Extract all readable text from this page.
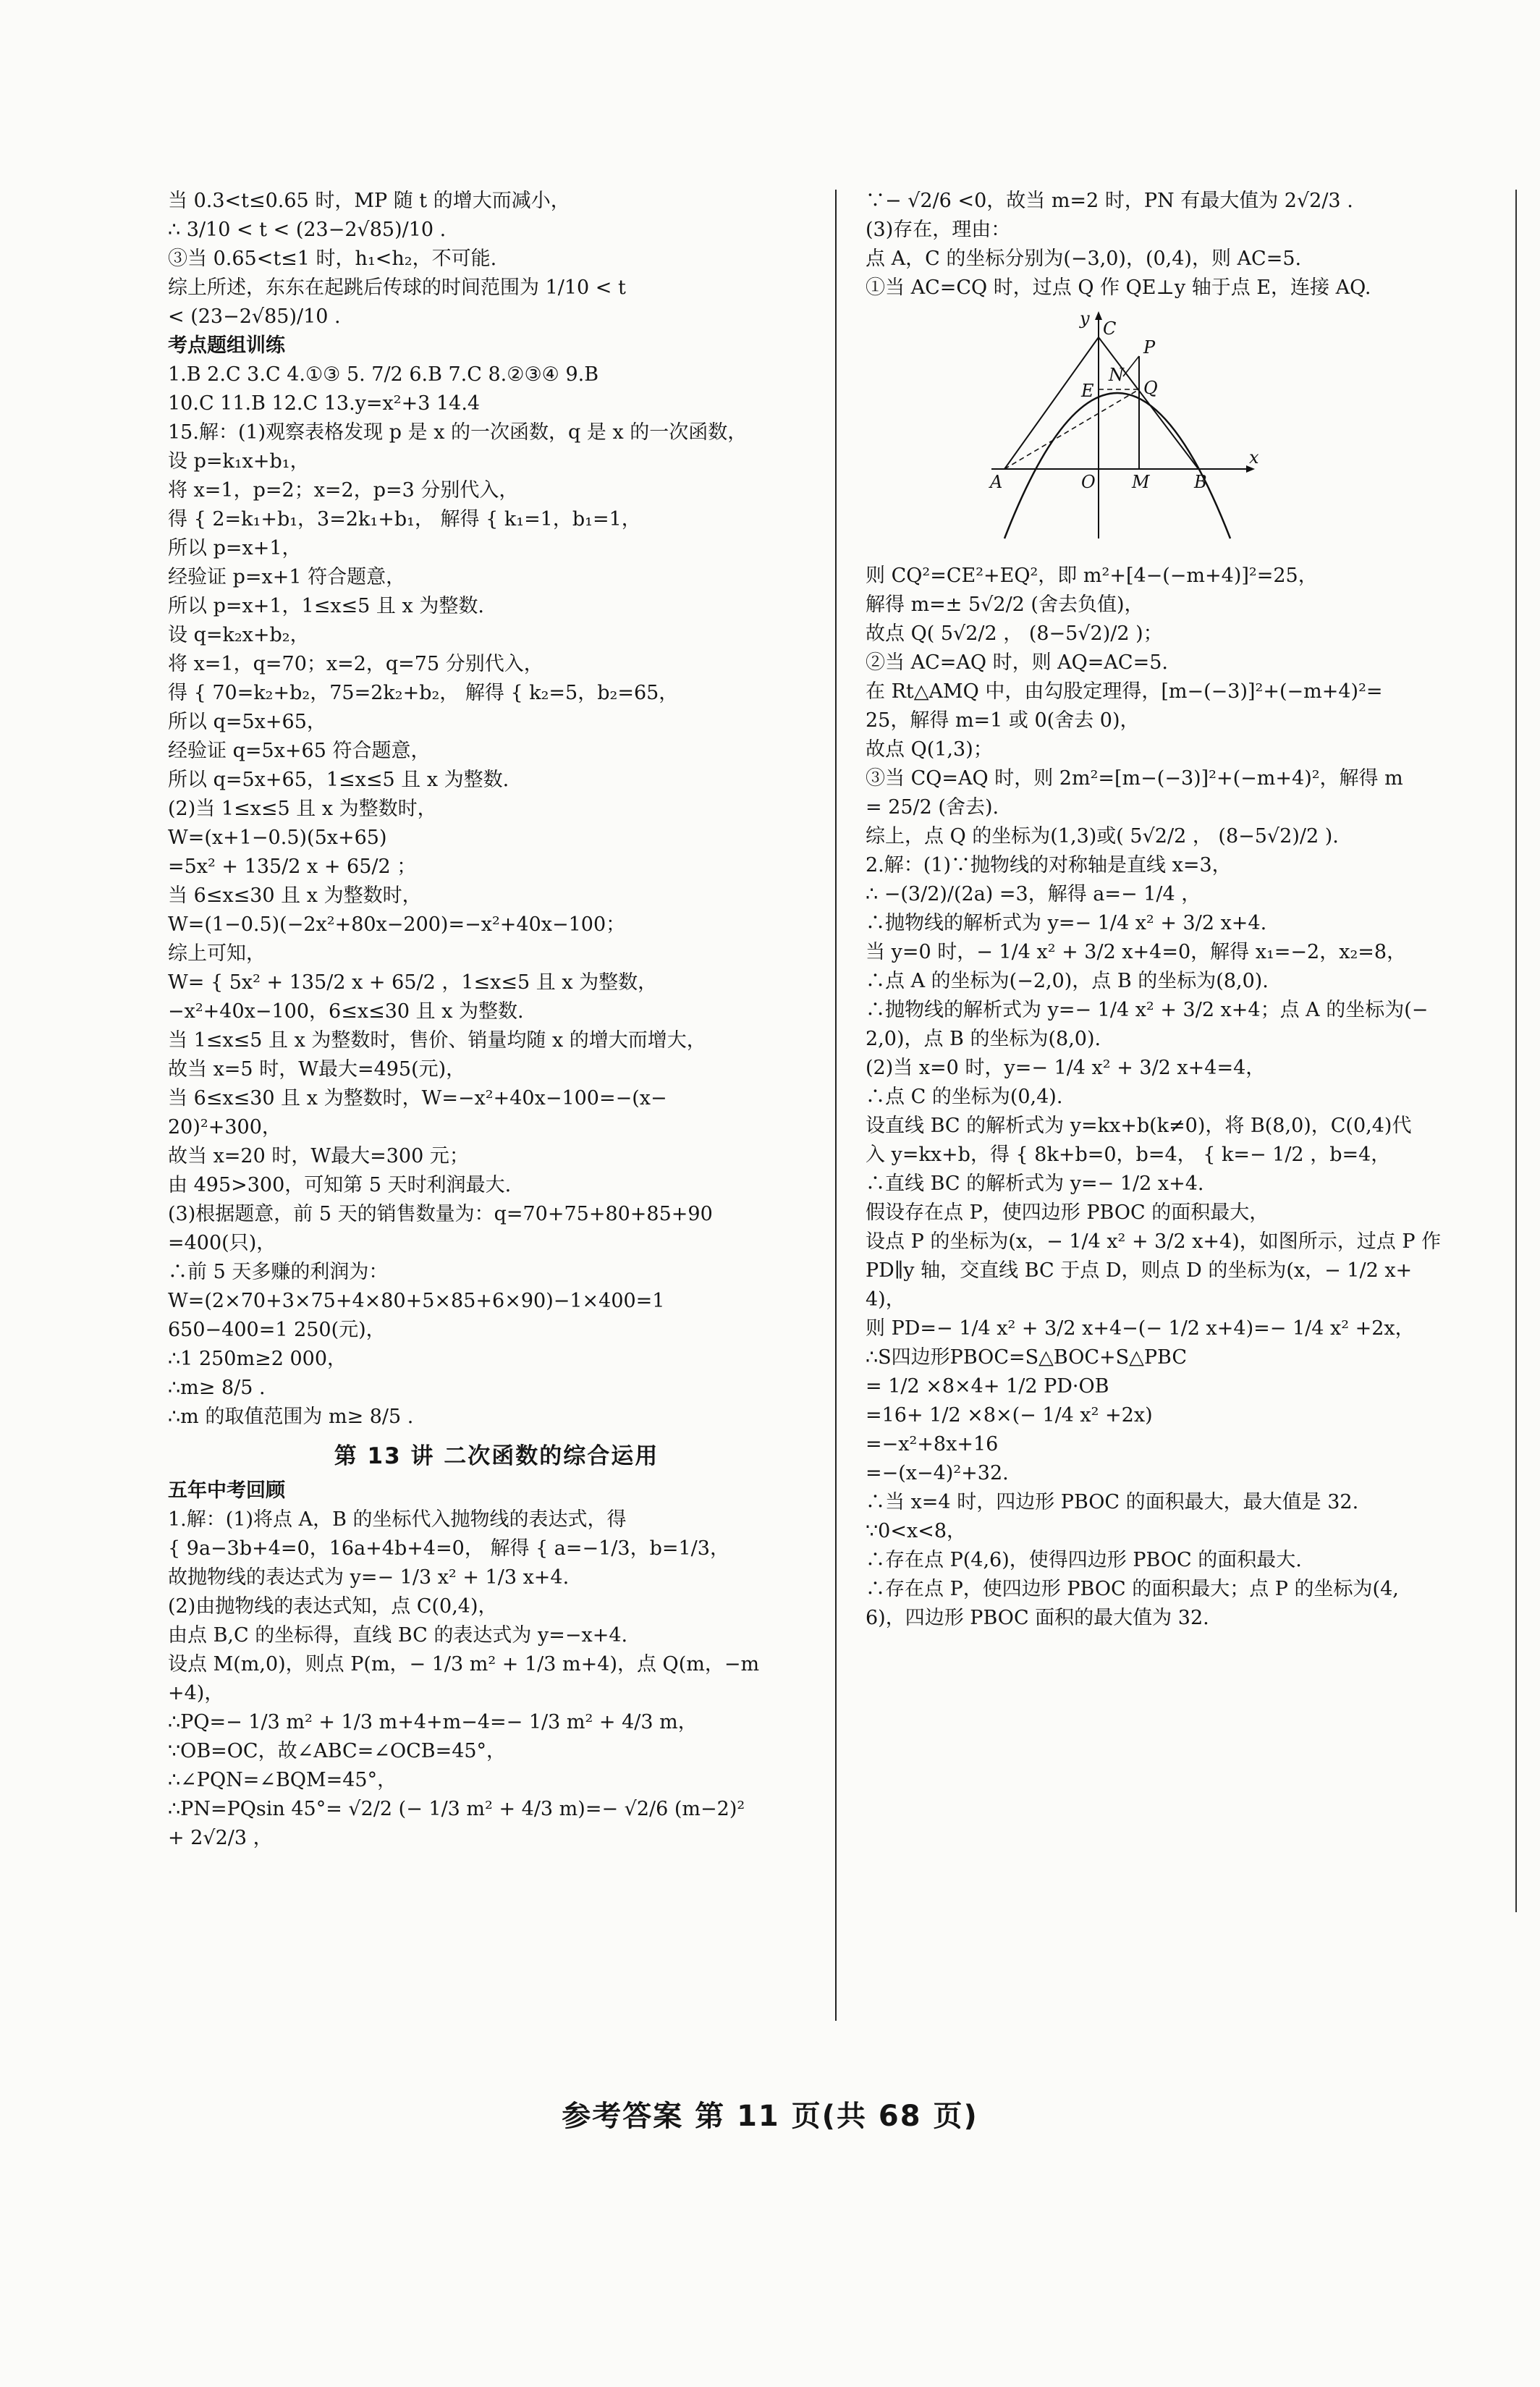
当 0.3<t≤0.65 时，MP 随 t 的增大而减小，
∴ 3/10 < t < (23−2√85)/10 .
③当 0.65<t≤1 时，h₁<h₂，不可能.
综上所述，东东在起跳后传球的时间范围为 1/10 < t
< (23−2√85)/10 .
考点题组训练
1.B 2.C 3.C 4.①③ 5. 7/2 6.B 7.C 8.②③④ 9.B
10.C 11.B 12.C 13.y=x²+3 14.4
15.解：(1)观察表格发现 p 是 x 的一次函数，q 是 x 的一次函数，
设 p=k₁x+b₁，
将 x=1，p=2；x=2，p=3 分别代入，
得 { 2=k₁+b₁，3=2k₁+b₁， 解得 { k₁=1，b₁=1，
所以 p=x+1，
经验证 p=x+1 符合题意，
所以 p=x+1，1≤x≤5 且 x 为整数.
设 q=k₂x+b₂，
将 x=1，q=70；x=2，q=75 分别代入，
得 { 70=k₂+b₂，75=2k₂+b₂， 解得 { k₂=5，b₂=65，
所以 q=5x+65，
经验证 q=5x+65 符合题意，
所以 q=5x+65，1≤x≤5 且 x 为整数.
(2)当 1≤x≤5 且 x 为整数时，
W=(x+1−0.5)(5x+65)
=5x² + 135/2 x + 65/2 ；
当 6≤x≤30 且 x 为整数时，
W=(1−0.5)(−2x²+80x−200)=−x²+40x−100；
综上可知，
W= { 5x² + 135/2 x + 65/2 ，1≤x≤5 且 x 为整数，
−x²+40x−100，6≤x≤30 且 x 为整数.
当 1≤x≤5 且 x 为整数时，售价、销量均随 x 的增大而增大，
故当 x=5 时，W最大=495(元)，
当 6≤x≤30 且 x 为整数时，W=−x²+40x−100=−(x−
20)²+300，
故当 x=20 时，W最大=300 元；
由 495>300，可知第 5 天时利润最大.
(3)根据题意，前 5 天的销售数量为：q=70+75+80+85+90
=400(只)，
∴前 5 天多赚的利润为：
W=(2×70+3×75+4×80+5×85+6×90)−1×400=1
650−400=1 250(元)，
∴1 250m≥2 000，
∴m≥ 8/5 .
∴m 的取值范围为 m≥ 8/5 .
第 13 讲 二次函数的综合运用
五年中考回顾
1.解：(1)将点 A，B 的坐标代入抛物线的表达式，得
{ 9a−3b+4=0，16a+4b+4=0， 解得 { a=−1/3，b=1/3，
故抛物线的表达式为 y=− 1/3 x² + 1/3 x+4.
(2)由抛物线的表达式知，点 C(0,4)，
由点 B,C 的坐标得，直线 BC 的表达式为 y=−x+4.
设点 M(m,0)，则点 P(m，− 1/3 m² + 1/3 m+4)，点 Q(m，−m
+4)，
∴PQ=− 1/3 m² + 1/3 m+4+m−4=− 1/3 m² + 4/3 m，
∵OB=OC，故∠ABC=∠OCB=45°，
∴∠PQN=∠BQM=45°，
∴PN=PQsin 45°= √2/2 (− 1/3 m² + 4/3 m)=− √2/6 (m−2)²
+ 2√2/3 ，
∵− √2/6 <0，故当 m=2 时，PN 有最大值为 2√2/3 .
(3)存在，理由：
点 A，C 的坐标分别为(−3,0)，(0,4)，则 AC=5.
①当 AC=CQ 时，过点 Q 作 QE⊥y 轴于点 E，连接 AQ.
y C
P
E
N
Q
A	O M	B
x
则 CQ²=CE²+EQ²，即 m²+[4−(−m+4)]²=25，
解得 m=± 5√2/2 (舍去负值)，
故点 Q( 5√2/2 ， (8−5√2)/2 )；
②当 AC=AQ 时，则 AQ=AC=5.
在 Rt△AMQ 中，由勾股定理得，[m−(−3)]²+(−m+4)²=
25，解得 m=1 或 0(舍去 0)，
故点 Q(1,3)；
③当 CQ=AQ 时，则 2m²=[m−(−3)]²+(−m+4)²，解得 m
= 25/2 (舍去).
综上，点 Q 的坐标为(1,3)或( 5√2/2 ， (8−5√2)/2 ).
2.解：(1)∵抛物线的对称轴是直线 x=3，
∴ −(3/2)/(2a) =3，解得 a=− 1/4 ，
∴抛物线的解析式为 y=− 1/4 x² + 3/2 x+4.
当 y=0 时，− 1/4 x² + 3/2 x+4=0，解得 x₁=−2，x₂=8，
∴点 A 的坐标为(−2,0)，点 B 的坐标为(8,0).
∴抛物线的解析式为 y=− 1/4 x² + 3/2 x+4；点 A 的坐标为(−
2,0)，点 B 的坐标为(8,0).
(2)当 x=0 时，y=− 1/4 x² + 3/2 x+4=4，
∴点 C 的坐标为(0,4).
设直线 BC 的解析式为 y=kx+b(k≠0)，将 B(8,0)，C(0,4)代
入 y=kx+b，得 { 8k+b=0，b=4， { k=− 1/2 ，b=4，
∴直线 BC 的解析式为 y=− 1/2 x+4.
假设存在点 P，使四边形 PBOC 的面积最大，
设点 P 的坐标为(x，− 1/4 x² + 3/2 x+4)，如图所示，过点 P 作
PD∥y 轴，交直线 BC 于点 D，则点 D 的坐标为(x，− 1/2 x+
4)，
则 PD=− 1/4 x² + 3/2 x+4−(− 1/2 x+4)=− 1/4 x² +2x，
∴S四边形PBOC=S△BOC+S△PBC
= 1/2 ×8×4+ 1/2 PD·OB
=16+ 1/2 ×8×(− 1/4 x² +2x)
=−x²+8x+16
=−(x−4)²+32.
∴当 x=4 时，四边形 PBOC 的面积最大，最大值是 32.
∵0<x<8，
∴存在点 P(4,6)，使得四边形 PBOC 的面积最大.
∴存在点 P，使四边形 PBOC 的面积最大；点 P 的坐标为(4,
6)，四边形 PBOC 面积的最大值为 32.
参考答案 第 11 页(共 68 页)
